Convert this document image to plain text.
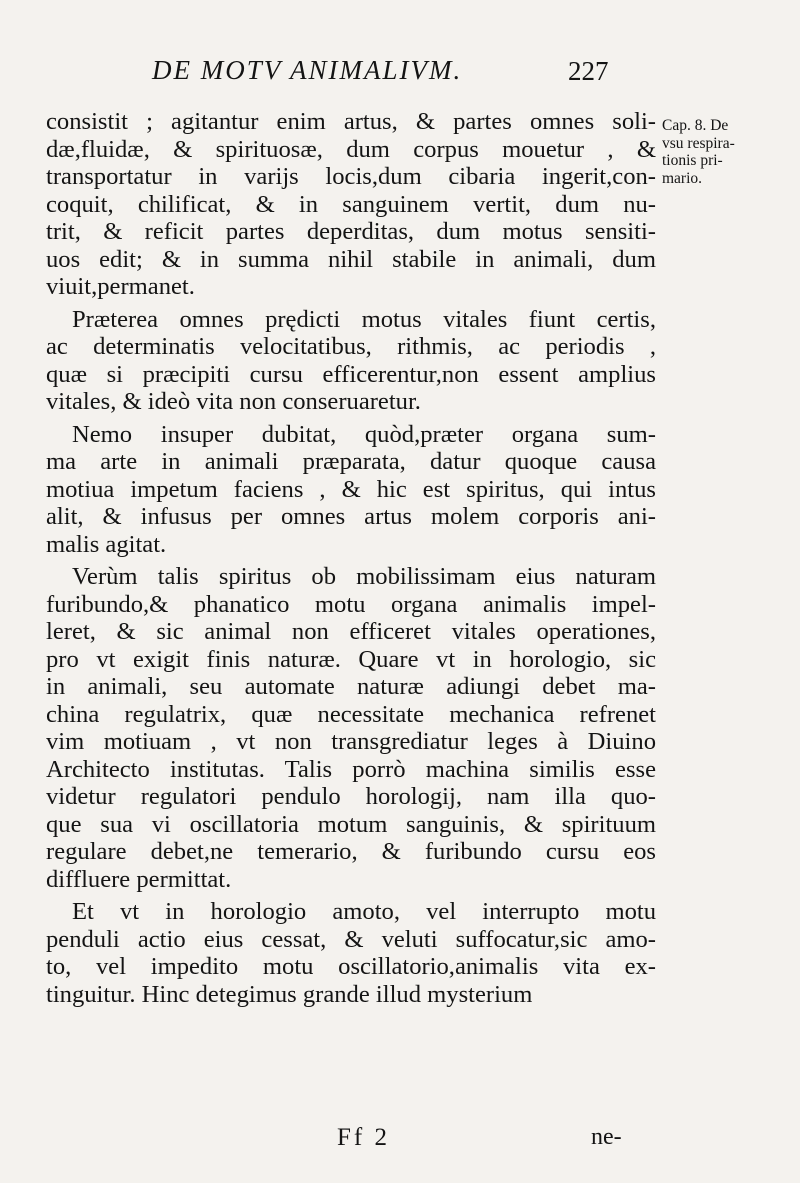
DE MOTV ANIMALIVM.	227
Cap. 8. De
vsu respira-
tionis pri-
mario.
consistit ; agitantur enim artus, & partes omnes soli-
dæ,fluidæ, & spirituosæ, dum corpus mouetur , &
transportatur in varijs locis,dum cibaria ingerit,con-
coquit, chilificat, & in sanguinem vertit, dum nu-
trit, & reficit partes deperditas, dum motus sensiti-
uos edit; & in summa nihil stabile in animali, dum
viuit,permanet.
Præterea omnes prędicti motus vitales fiunt certis,
ac determinatis velocitatibus, rithmis, ac periodis ,
quæ si præcipiti cursu efficerentur,non essent amplius
vitales, & ideò vita non conseruaretur.
Nemo insuper dubitat, quòd,præter organa sum-
ma arte in animali præparata, datur quoque causa
motiua impetum faciens , & hic est spiritus, qui intus
alit, & infusus per omnes artus molem corporis ani-
malis agitat.
Verùm talis spiritus ob mobilissimam eius naturam
furibundo,& phanatico motu organa animalis impel-
leret, & sic animal non efficeret vitales operationes,
pro vt exigit finis naturæ. Quare vt in horologio, sic
in animali, seu automate naturæ adiungi debet ma-
china regulatrix, quæ necessitate mechanica refrenet
vim motiuam , vt non transgrediatur leges à Diuino
Architecto institutas. Talis porrò machina similis esse
videtur regulatori pendulo horologij, nam illa quo-
que sua vi oscillatoria motum sanguinis, & spirituum
regulare debet,ne temerario, & furibundo cursu eos
diffluere permittat.
Et vt in horologio amoto, vel interrupto motu
penduli actio eius cessat, & veluti suffocatur,sic amo-
to, vel impedito motu oscillatorio,animalis vita ex-
tinguitur. Hinc detegimus grande illud mysterium
Ff 2	ne-
